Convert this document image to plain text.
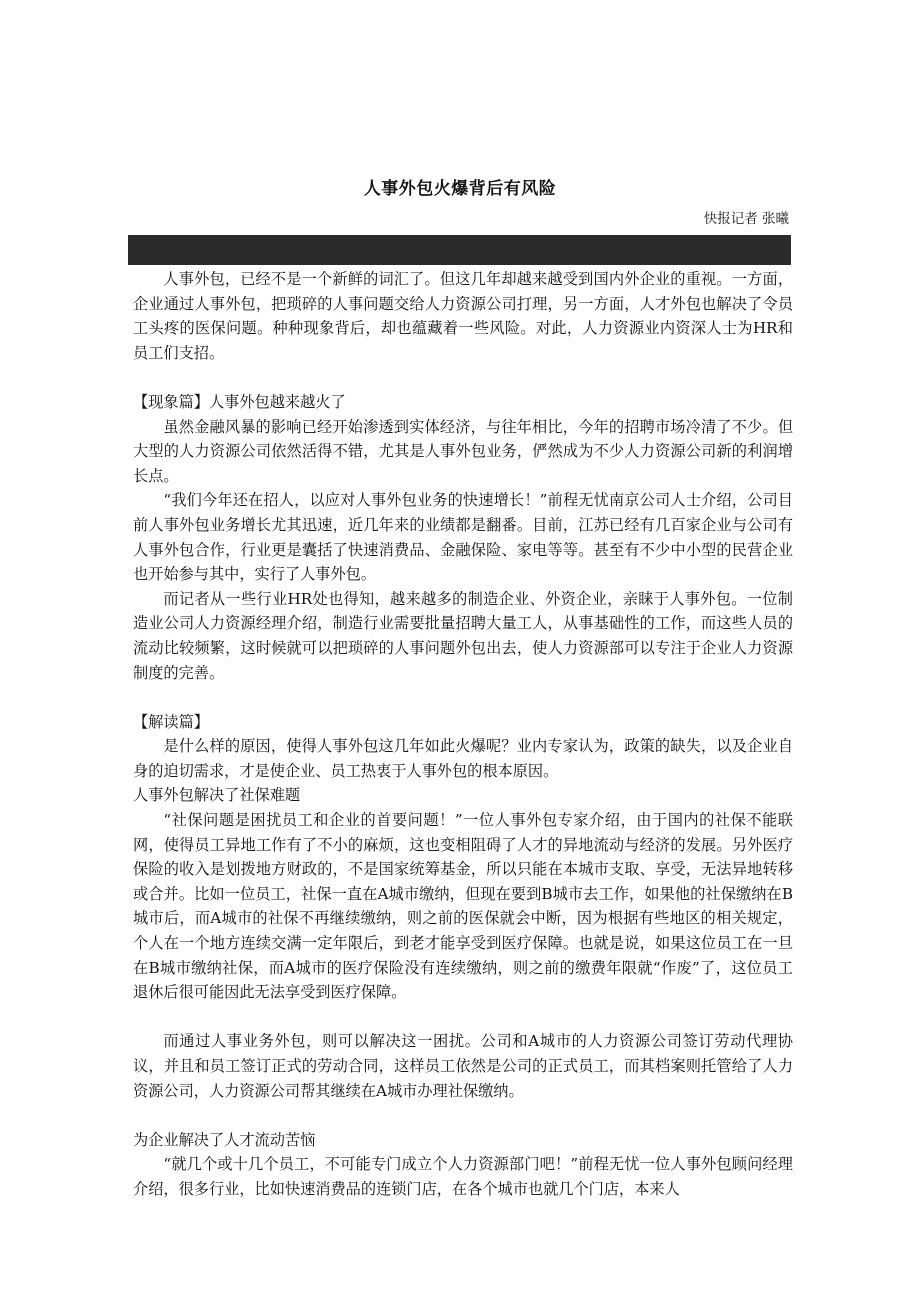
人事外包火爆背后有风险
快报记者 张曦

人事外包，已经不是一个新鲜的词汇了。但这几年却越来越受到国内外企业的重视。一方面，企业通过人事外包，把琐碎的人事问题交给人力资源公司打理，另一方面，人才外包也解决了令员工头疼的医保问题。种种现象背后，却也蕴藏着一些风险。对此，人力资源业内资深人士为HR和员工们支招。

【现象篇】人事外包越来越火了

虽然金融风暴的影响已经开始渗透到实体经济，与往年相比，今年的招聘市场冷清了不少。但大型的人力资源公司依然活得不错，尤其是人事外包业务，俨然成为不少人力资源公司新的利润增长点。

“我们今年还在招人，以应对人事外包业务的快速增长！”前程无忧南京公司人士介绍，公司目前人事外包业务增长尤其迅速，近几年来的业绩都是翻番。目前，江苏已经有几百家企业与公司有人事外包合作，行业更是囊括了快速消费品、金融保险、家电等等。甚至有不少中小型的民营企业也开始参与其中，实行了人事外包。

而记者从一些行业HR处也得知，越来越多的制造企业、外资企业，亲睐于人事外包。一位制造业公司人力资源经理介绍，制造行业需要批量招聘大量工人，从事基础性的工作，而这些人员的流动比较频繁，这时候就可以把琐碎的人事问题外包出去，使人力资源部可以专注于企业人力资源制度的完善。

【解读篇】

是什么样的原因，使得人事外包这几年如此火爆呢？业内专家认为，政策的缺失，以及企业自身的迫切需求，才是使企业、员工热衷于人事外包的根本原因。

人事外包解决了社保难题

“社保问题是困扰员工和企业的首要问题！”一位人事外包专家介绍，由于国内的社保不能联网，使得员工异地工作有了不小的麻烦，这也变相阻碍了人才的异地流动与经济的发展。另外医疗保险的收入是划拨地方财政的，不是国家统筹基金，所以只能在本城市支取、享受，无法异地转移或合并。比如一位员工，社保一直在A城市缴纳，但现在要到B城市去工作，如果他的社保缴纳在B城市后，而A城市的社保不再继续缴纳，则之前的医保就会中断，因为根据有些地区的相关规定，个人在一个地方连续交满一定年限后，到老才能享受到医疗保障。也就是说，如果这位员工在一旦在B城市缴纳社保，而A城市的医疗保险没有连续缴纳，则之前的缴费年限就“作废”了，这位员工退休后很可能因此无法享受到医疗保障。

而通过人事业务外包，则可以解决这一困扰。公司和A城市的人力资源公司签订劳动代理协议，并且和员工签订正式的劳动合同，这样员工依然是公司的正式员工，而其档案则托管给了人力资源公司，人力资源公司帮其继续在A城市办理社保缴纳。

为企业解决了人才流动苦恼

“就几个或十几个员工，不可能专门成立个人力资源部门吧！”前程无忧一位人事外包顾问经理介绍，很多行业，比如快速消费品的连锁门店，在各个城市也就几个门店，本来人
